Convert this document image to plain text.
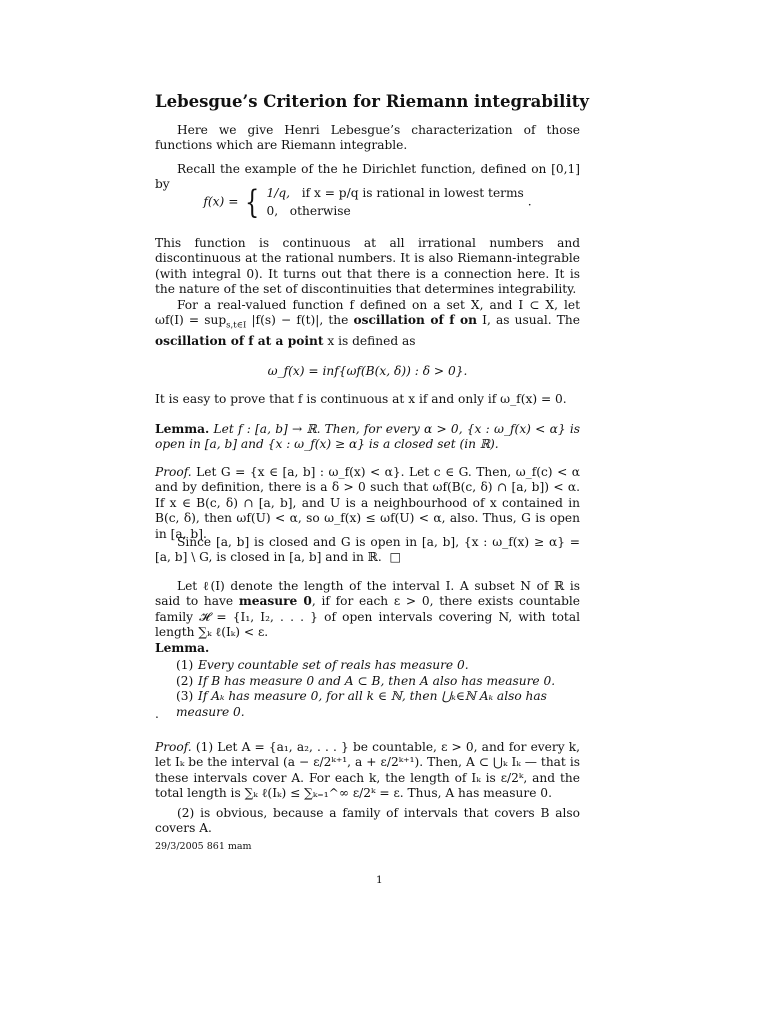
Lebesgue’s Criterion for Riemann integrability
Here we give Henri Lebesgue’s characterization of those functions which are Riemann integrable.
Recall the example of the he Dirichlet function, defined on [0,1] by
f(x) = { 1/q, if x = p/q is rational in lowest terms
0, otherwise
.
This function is continuous at all irrational numbers and discontinuous at the rational numbers. It is also Riemann-integrable (with integral 0). It turns out that there is a connection here. It is the nature of the set of discontinuities that determines integrability.
For a real-valued function f defined on a set X, and I ⊂ X, let ωf(I) = sup$_{s,t\in I}$ |f(s) − f(t)|, the oscillation of f on I, as usual. The oscillation of f at a point x is defined as
ω_f(x) = inf{ωf(B(x, δ)) : δ > 0}.
It is easy to prove that f is continuous at x if and only if ω_f(x) = 0.
Lemma. Let f : [a, b] → ℝ. Then, for every α > 0, {x : ω_f(x) < α} is open in [a, b] and {x : ω_f(x) ≥ α} is a closed set (in ℝ).
Proof. Let G = {x ∈ [a, b] : ω_f(x) < α}. Let c ∈ G. Then, ω_f(c) < α and by definition, there is a δ > 0 such that ωf(B(c, δ) ∩ [a, b]) < α. If x ∈ B(c, δ) ∩ [a, b], and U is a neighbourhood of x contained in B(c, δ), then ωf(U) < α, so ω_f(x) ≤ ωf(U) < α, also. Thus, G is open in [a, b].
Since [a, b] is closed and G is open in [a, b], {x : ω_f(x) ≥ α} = [a, b] \ G, is closed in [a, b] and in ℝ. □
Let ℓ(I) denote the length of the interval I. A subset N of ℝ is said to have measure 0, if for each ε > 0, there exists countable family 𝓗 = {I₁, I₂, . . . } of open intervals covering N, with total length ∑ₖ ℓ(Iₖ) < ε.
Lemma.
(1) Every countable set of reals has measure 0.
(2) If B has measure 0 and A ⊂ B, then A also has measure 0.
(3) If Aₖ has measure 0, for all k ∈ ℕ, then ⋃ₖ∈ℕ Aₖ also has measure 0.
.
Proof. (1) Let A = {a₁, a₂, . . . } be countable, ε > 0, and for every k, let Iₖ be the interval (a − ε/2ᵏ⁺¹, a + ε/2ᵏ⁺¹). Then, A ⊂ ⋃ₖ Iₖ — that is these intervals cover A. For each k, the length of Iₖ is ε/2ᵏ, and the total length is ∑ₖ ℓ(Iₖ) ≤ ∑ₖ₌₁^∞ ε/2ᵏ = ε. Thus, A has measure 0.
(2) is obvious, because a family of intervals that covers B also covers A.
29/3/2005 861 mam
1
